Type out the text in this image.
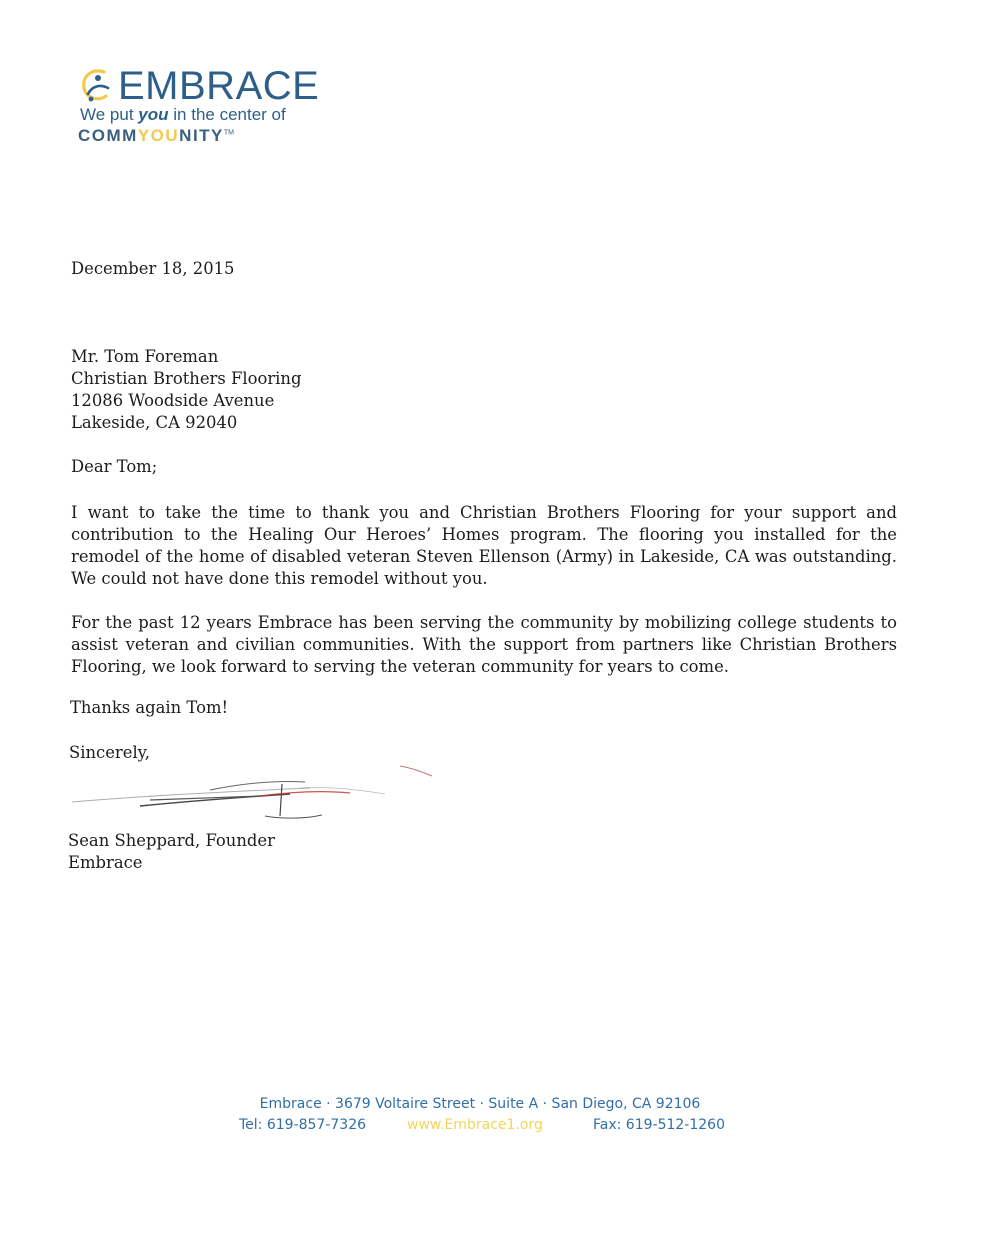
EMBRACE
We put you in the center of
COMMYOUNITY™
December 18, 2015
Mr. Tom Foreman
Christian Brothers Flooring
12086 Woodside Avenue
Lakeside, CA 92040
Dear Tom;
I want to take the time to thank you and Christian Brothers Flooring for your support and contribution to the Healing Our Heroes’ Homes program. The flooring you installed for the remodel of the home of disabled veteran Steven Ellenson (Army) in Lakeside, CA was outstanding. We could not have done this remodel without you.
For the past 12 years Embrace has been serving the community by mobilizing college students to assist veteran and civilian communities. With the support from partners like Christian Brothers Flooring, we look forward to serving the veteran community for years to come.
Thanks again Tom!
Sincerely,
Sean Sheppard, Founder
Embrace
Embrace · 3679 Voltaire Street · Suite A · San Diego, CA 92106
Tel: 619-857-7326	www.Embrace1.org	Fax: 619-512-1260
